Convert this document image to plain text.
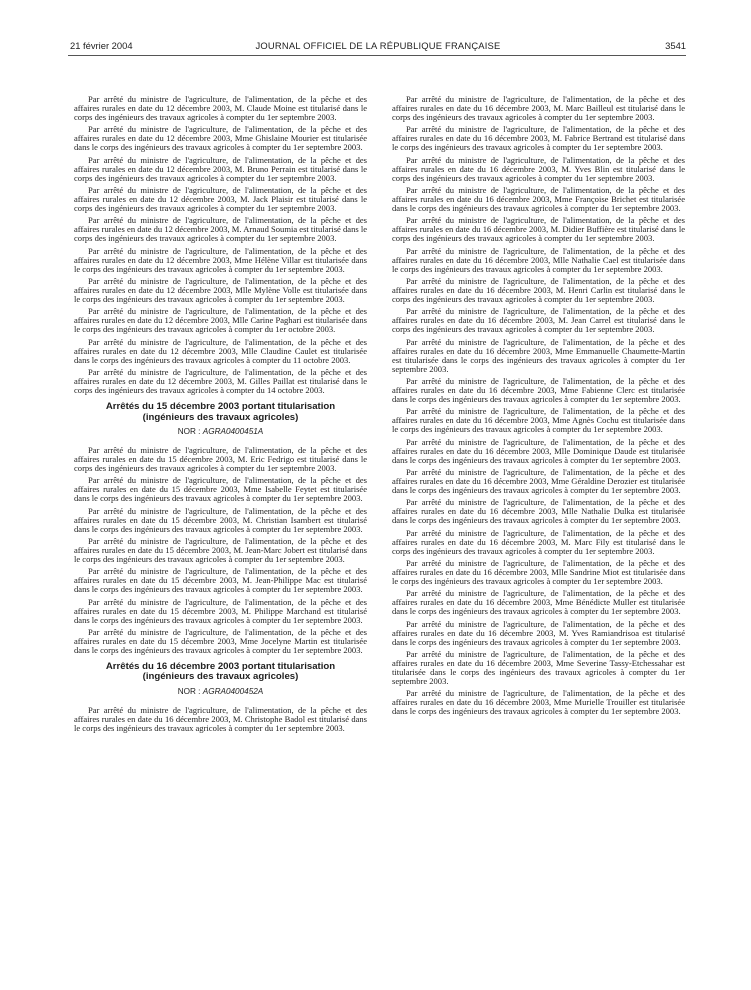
21 février 2004	JOURNAL OFFICIEL DE LA RÉPUBLIQUE FRANÇAISE	3541

Par arrêté du ministre de l'agriculture, de l'alimentation, de la pêche et des affaires rurales en date du 12 décembre 2003, M. Claude Moine est titularisé dans le corps des ingénieurs des travaux agricoles à compter du 1er septembre 2003.

Par arrêté du ministre de l'agriculture, de l'alimentation, de la pêche et des affaires rurales en date du 12 décembre 2003, Mme Ghislaine Mourier est titularisée dans le corps des ingénieurs des travaux agricoles à compter du 1er septembre 2003.

Par arrêté du ministre de l'agriculture, de l'alimentation, de la pêche et des affaires rurales en date du 12 décembre 2003, M. Bruno Perrain est titularisé dans le corps des ingénieurs des travaux agricoles à compter du 1er septembre 2003.

Par arrêté du ministre de l'agriculture, de l'alimentation, de la pêche et des affaires rurales en date du 12 décembre 2003, M. Jack Plaisir est titularisé dans le corps des ingénieurs des travaux agricoles à compter du 1er septembre 2003.

Par arrêté du ministre de l'agriculture, de l'alimentation, de la pêche et des affaires rurales en date du 12 décembre 2003, M. Arnaud Soumia est titularisé dans le corps des ingénieurs des travaux agricoles à compter du 1er septembre 2003.

Par arrêté du ministre de l'agriculture, de l'alimentation, de la pêche et des affaires rurales en date du 12 décembre 2003, Mme Hélène Villar est titularisée dans le corps des ingénieurs des travaux agricoles à compter du 1er septembre 2003.

Par arrêté du ministre de l'agriculture, de l'alimentation, de la pêche et des affaires rurales en date du 12 décembre 2003, Mlle Mylène Volle est titularisée dans le corps des ingénieurs des travaux agricoles à compter du 1er septembre 2003.

Par arrêté du ministre de l'agriculture, de l'alimentation, de la pêche et des affaires rurales en date du 12 décembre 2003, Mlle Carine Paghari est titularisée dans le corps des ingénieurs des travaux agricoles à compter du 1er octobre 2003.

Par arrêté du ministre de l'agriculture, de l'alimentation, de la pêche et des affaires rurales en date du 12 décembre 2003, Mlle Claudine Caulet est titularisée dans le corps des ingénieurs des travaux agricoles à compter du 11 octobre 2003.

Par arrêté du ministre de l'agriculture, de l'alimentation, de la pêche et des affaires rurales en date du 12 décembre 2003, M. Gilles Paillat est titularisé dans le corps des ingénieurs des travaux agricoles à compter du 14 octobre 2003.

Arrêtés du 15 décembre 2003 portant titularisation
(ingénieurs des travaux agricoles)
NOR : AGRA0400451A

Par arrêté du ministre de l'agriculture, de l'alimentation, de la pêche et des affaires rurales en date du 15 décembre 2003, M. Eric Fedrigo est titularisé dans le corps des ingénieurs des travaux agricoles à compter du 1er septembre 2003.

Par arrêté du ministre de l'agriculture, de l'alimentation, de la pêche et des affaires rurales en date du 15 décembre 2003, Mme Isabelle Feytet est titularisée dans le corps des ingénieurs des travaux agricoles à compter du 1er septembre 2003.

Par arrêté du ministre de l'agriculture, de l'alimentation, de la pêche et des affaires rurales en date du 15 décembre 2003, M. Christian Isambert est titularisé dans le corps des ingénieurs des travaux agricoles à compter du 1er septembre 2003.

Par arrêté du ministre de l'agriculture, de l'alimentation, de la pêche et des affaires rurales en date du 15 décembre 2003, M. Jean-Marc Jobert est titularisé dans le corps des ingénieurs des travaux agricoles à compter du 1er septembre 2003.

Par arrêté du ministre de l'agriculture, de l'alimentation, de la pêche et des affaires rurales en date du 15 décembre 2003, M. Jean-Philippe Mac est titularisé dans le corps des ingénieurs des travaux agricoles à compter du 1er septembre 2003.

Par arrêté du ministre de l'agriculture, de l'alimentation, de la pêche et des affaires rurales en date du 15 décembre 2003, M. Philippe Marchand est titularisé dans le corps des ingénieurs des travaux agricoles à compter du 1er septembre 2003.

Par arrêté du ministre de l'agriculture, de l'alimentation, de la pêche et des affaires rurales en date du 15 décembre 2003, Mme Jocelyne Martin est titularisée dans le corps des ingénieurs des travaux agricoles à compter du 1er septembre 2003.

Arrêtés du 16 décembre 2003 portant titularisation
(ingénieurs des travaux agricoles)
NOR : AGRA0400452A

Par arrêté du ministre de l'agriculture, de l'alimentation, de la pêche et des affaires rurales en date du 16 décembre 2003, M. Christophe Badol est titularisé dans le corps des ingénieurs des travaux agricoles à compter du 1er septembre 2003.

Par arrêté du ministre de l'agriculture, de l'alimentation, de la pêche et des affaires rurales en date du 16 décembre 2003, M. Marc Bailleul est titularisé dans le corps des ingénieurs des travaux agricoles à compter du 1er septembre 2003.

Par arrêté du ministre de l'agriculture, de l'alimentation, de la pêche et des affaires rurales en date du 16 décembre 2003, M. Fabrice Bertrand est titularisé dans le corps des ingénieurs des travaux agricoles à compter du 1er septembre 2003.

Par arrêté du ministre de l'agriculture, de l'alimentation, de la pêche et des affaires rurales en date du 16 décembre 2003, M. Yves Blin est titularisé dans le corps des ingénieurs des travaux agricoles à compter du 1er septembre 2003.

Par arrêté du ministre de l'agriculture, de l'alimentation, de la pêche et des affaires rurales en date du 16 décembre 2003, Mme Françoise Brichet est titularisée dans le corps des ingénieurs des travaux agricoles à compter du 1er septembre 2003.

Par arrêté du ministre de l'agriculture, de l'alimentation, de la pêche et des affaires rurales en date du 16 décembre 2003, M. Didier Buffière est titularisé dans le corps des ingénieurs des travaux agricoles à compter du 1er septembre 2003.

Par arrêté du ministre de l'agriculture, de l'alimentation, de la pêche et des affaires rurales en date du 16 décembre 2003, Mlle Nathalie Cael est titularisée dans le corps des ingénieurs des travaux agricoles à compter du 1er septembre 2003.

Par arrêté du ministre de l'agriculture, de l'alimentation, de la pêche et des affaires rurales en date du 16 décembre 2003, M. Henri Carlin est titularisé dans le corps des ingénieurs des travaux agricoles à compter du 1er septembre 2003.

Par arrêté du ministre de l'agriculture, de l'alimentation, de la pêche et des affaires rurales en date du 16 décembre 2003, M. Jean Carrel est titularisé dans le corps des ingénieurs des travaux agricoles à compter du 1er septembre 2003.

Par arrêté du ministre de l'agriculture, de l'alimentation, de la pêche et des affaires rurales en date du 16 décembre 2003, Mme Emmanuelle Chaumette-Martin est titularisée dans le corps des ingénieurs des travaux agricoles à compter du 1er septembre 2003.

Par arrêté du ministre de l'agriculture, de l'alimentation, de la pêche et des affaires rurales en date du 16 décembre 2003, Mme Fabienne Clerc est titularisée dans le corps des ingénieurs des travaux agricoles à compter du 1er septembre 2003.

Par arrêté du ministre de l'agriculture, de l'alimentation, de la pêche et des affaires rurales en date du 16 décembre 2003, Mme Agnès Cochu est titularisée dans le corps des ingénieurs des travaux agricoles à compter du 1er septembre 2003.

Par arrêté du ministre de l'agriculture, de l'alimentation, de la pêche et des affaires rurales en date du 16 décembre 2003, Mlle Dominique Daude est titularisée dans le corps des ingénieurs des travaux agricoles à compter du 1er septembre 2003.

Par arrêté du ministre de l'agriculture, de l'alimentation, de la pêche et des affaires rurales en date du 16 décembre 2003, Mme Géraldine Derozier est titularisée dans le corps des ingénieurs des travaux agricoles à compter du 1er septembre 2003.

Par arrêté du ministre de l'agriculture, de l'alimentation, de la pêche et des affaires rurales en date du 16 décembre 2003, Mlle Nathalie Dulka est titularisée dans le corps des ingénieurs des travaux agricoles à compter du 1er septembre 2003.

Par arrêté du ministre de l'agriculture, de l'alimentation, de la pêche et des affaires rurales en date du 16 décembre 2003, M. Marc Fily est titularisé dans le corps des ingénieurs des travaux agricoles à compter du 1er septembre 2003.

Par arrêté du ministre de l'agriculture, de l'alimentation, de la pêche et des affaires rurales en date du 16 décembre 2003, Mlle Sandrine Miot est titularisée dans le corps des ingénieurs des travaux agricoles à compter du 1er septembre 2003.

Par arrêté du ministre de l'agriculture, de l'alimentation, de la pêche et des affaires rurales en date du 16 décembre 2003, Mme Bénédicte Muller est titularisée dans le corps des ingénieurs des travaux agricoles à compter du 1er septembre 2003.

Par arrêté du ministre de l'agriculture, de l'alimentation, de la pêche et des affaires rurales en date du 16 décembre 2003, M. Yves Ramiandrisoa est titularisé dans le corps des ingénieurs des travaux agricoles à compter du 1er septembre 2003.

Par arrêté du ministre de l'agriculture, de l'alimentation, de la pêche et des affaires rurales en date du 16 décembre 2003, Mme Severine Tassy-Etchessahar est titularisée dans le corps des ingénieurs des travaux agricoles à compter du 1er septembre 2003.

Par arrêté du ministre de l'agriculture, de l'alimentation, de la pêche et des affaires rurales en date du 16 décembre 2003, Mme Murielle Trouiller est titularisée dans le corps des ingénieurs des travaux agricoles à compter du 1er septembre 2003.
